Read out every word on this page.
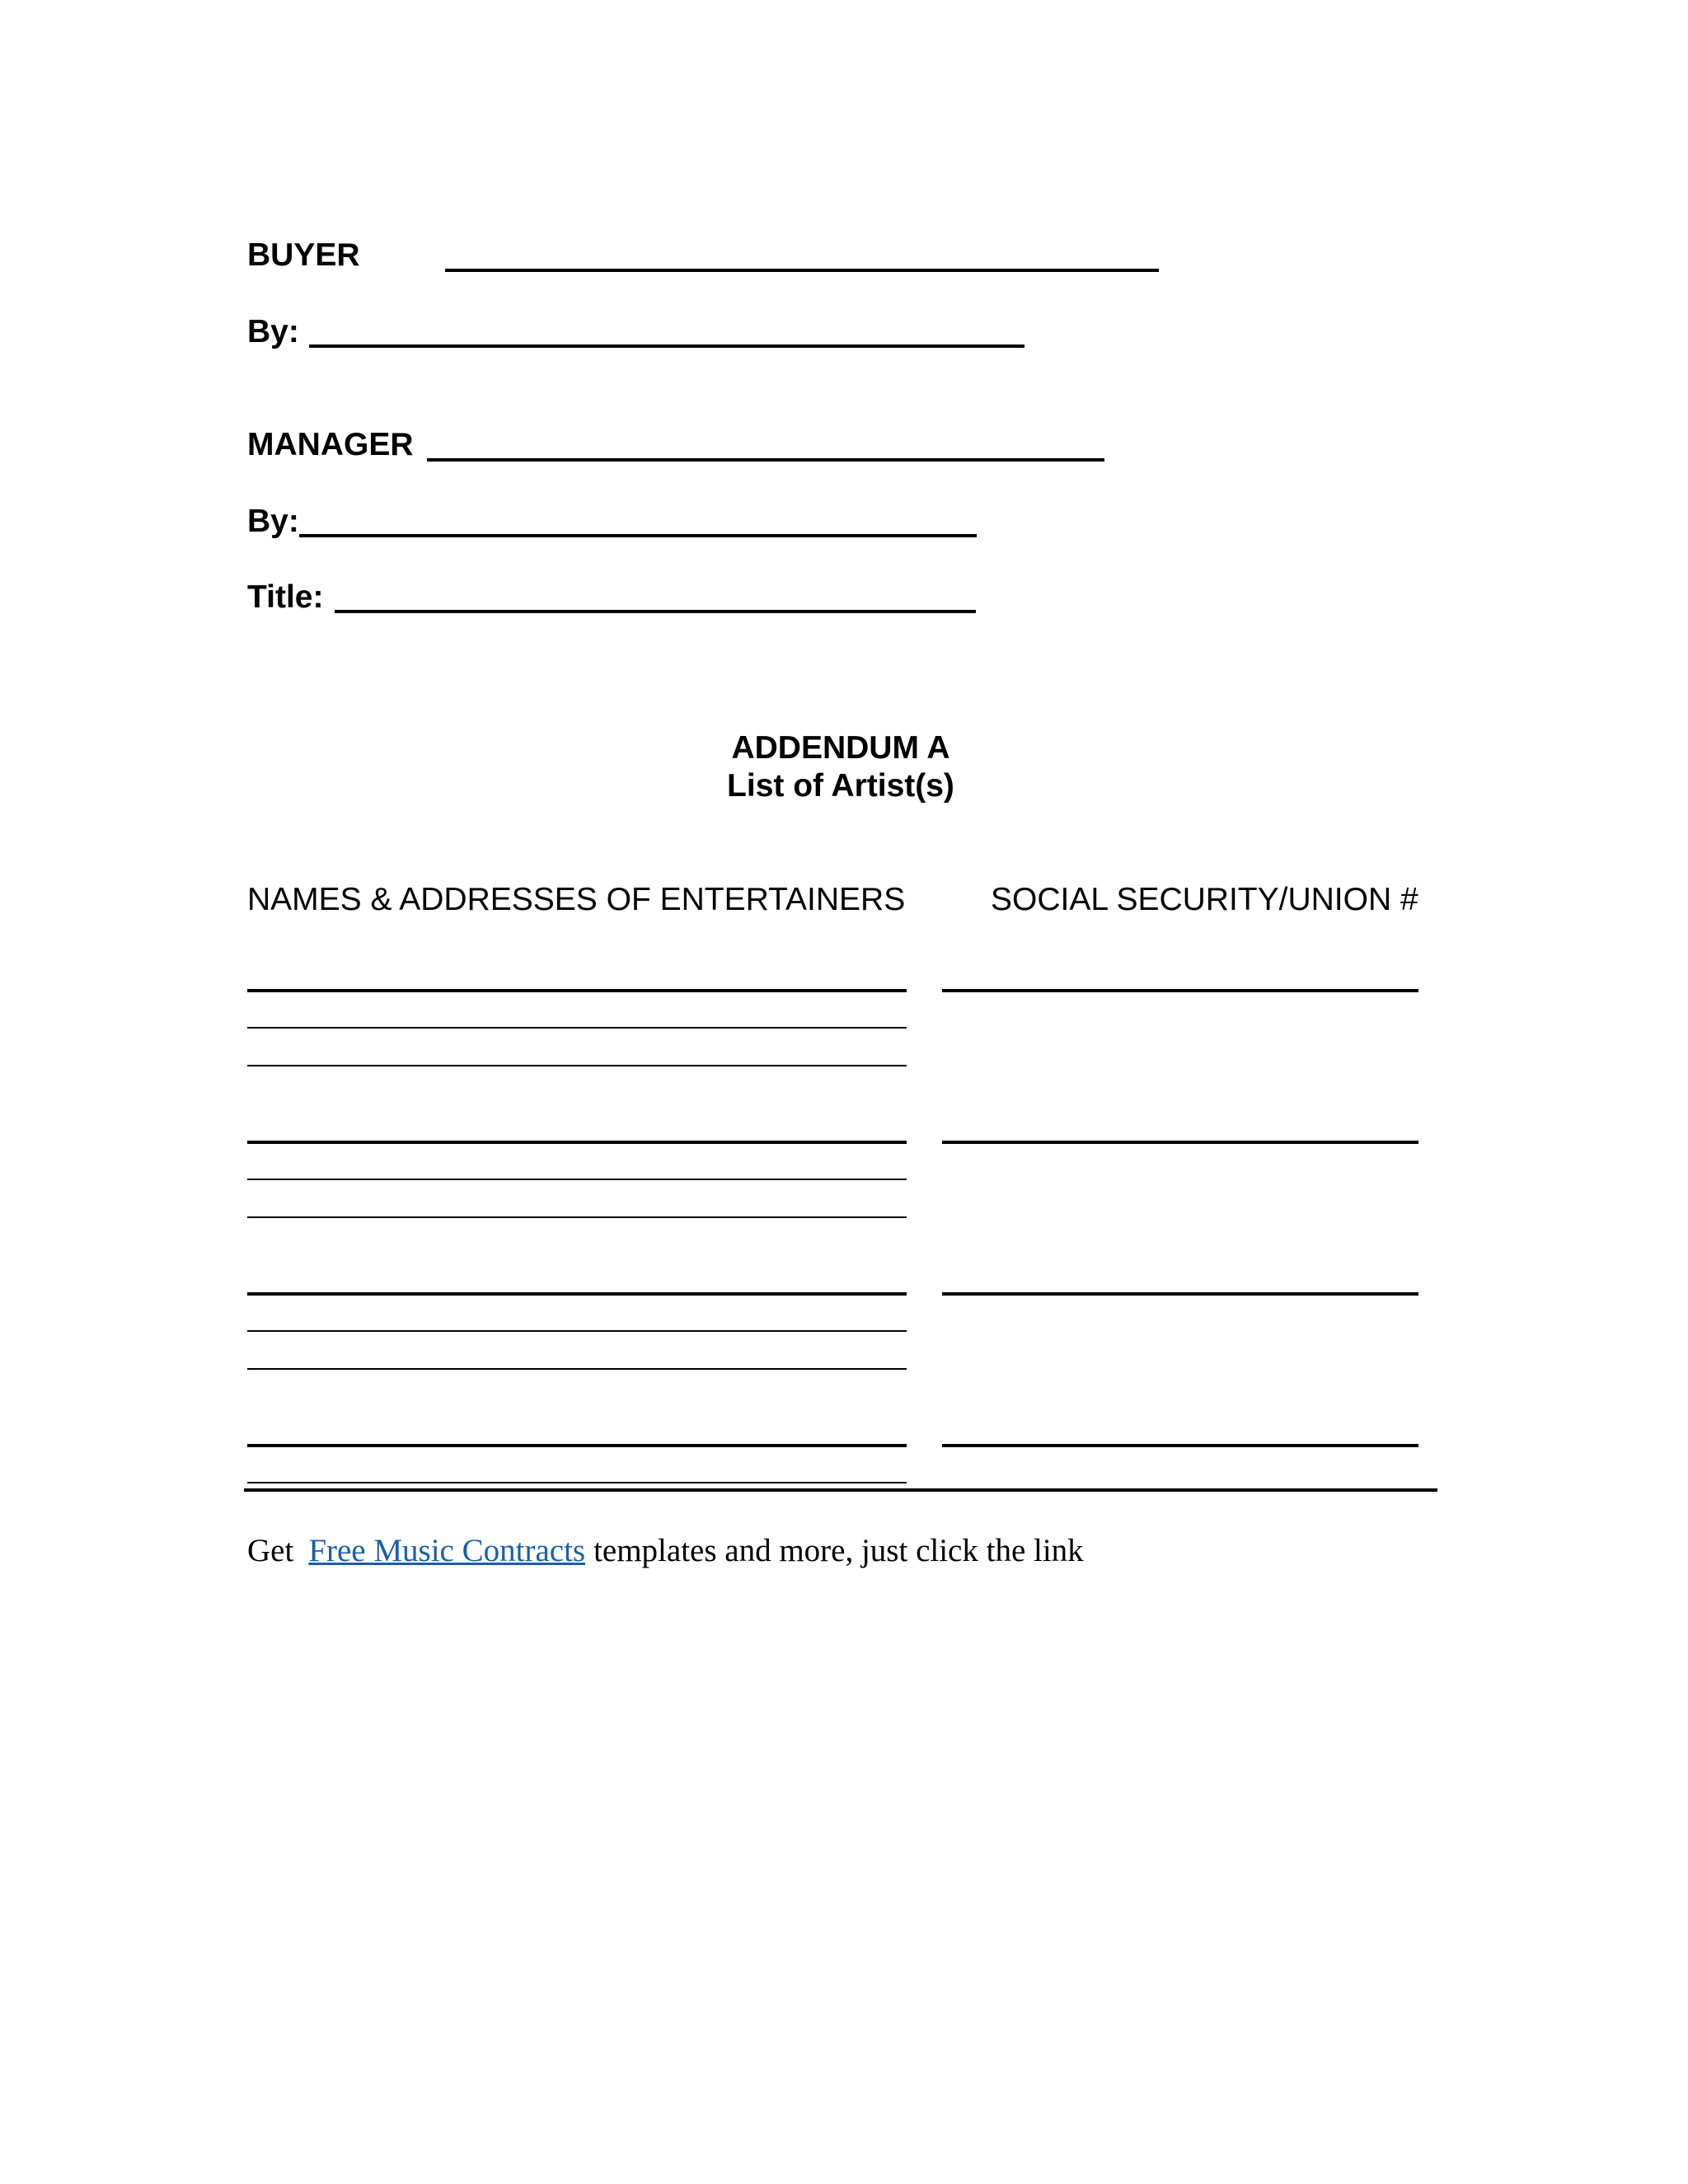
BUYER
By:
MANAGER
By:
Title:
ADDENDUM A
List of Artist(s)
NAMES & ADDRESSES OF ENTERTAINERS	SOCIAL SECURITY/UNION #
Get Free Music Contracts templates and more, just click the link
